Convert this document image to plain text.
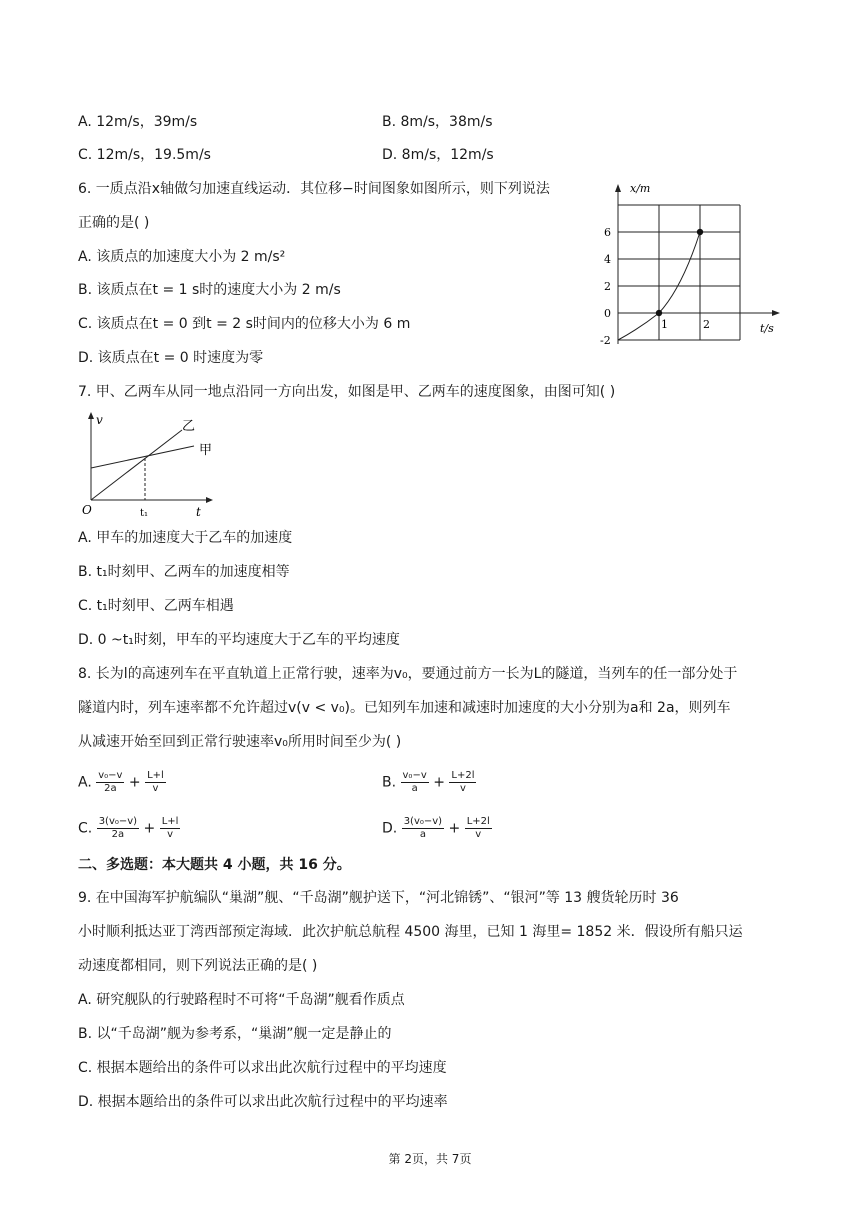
A. 12m/s，39m/s	B. 8m/s，38m/s
C. 12m/s，19.5m/s	D. 8m/s，12m/s
6. 一质点沿x轴做匀加速直线运动．其位移−时间图象如图所示，则下列说法
正确的是( )
A. 该质点的加速度大小为 2 m/s²
B. 该质点在t = 1 s时的速度大小为 2 m/s
C. 该质点在t = 0 到t = 2 s时间内的位移大小为 6 m
D. 该质点在t = 0 时速度为零
x/m
t/s
6
4
2
0
-2
1	2
7. 甲、乙两车从同一地点沿同一方向出发，如图是甲、乙两车的速度图象，由图可知( )
v
O	t₁	t
乙
甲
A. 甲车的加速度大于乙车的加速度
B. t₁时刻甲、乙两车的加速度相等
C. t₁时刻甲、乙两车相遇
D. 0 ~t₁时刻，甲车的平均速度大于乙车的平均速度
8. 长为l的高速列车在平直轨道上正常行驶，速率为v₀，要通过前方一长为L的隧道，当列车的任一部分处于
隧道内时，列车速率都不允许超过v(v < v₀)。已知列车加速和减速时加速度的大小分别为a和 2a，则列车
从减速开始至回到正常行驶速率v₀所用时间至少为( )
A. $\frac{\text{v₀−v}}{2a} + \frac{L+l}{v}$	B. $\frac{\text{v₀−v}}{a} + \frac{L+2l}{v}$
C. $\frac{\text{3(v₀−v)}}{2a} + \frac{L+l}{v}$	D. $\frac{\text{3(v₀−v)}}{a} + \frac{L+2l}{v}$
二、多选题：本大题共 4 小题，共 16 分。
9. 在中国海军护航编队“巢湖”舰、“千岛湖”舰护送下，“河北锦锈”、“银河”等 13 艘货轮历时 36
小时顺利抵达亚丁湾西部预定海域．此次护航总航程 4500 海里，已知 1 海里= 1852 米．假设所有船只运
动速度都相同，则下列说法正确的是( )
A. 研究舰队的行驶路程时不可将“千岛湖”舰看作质点
B. 以“千岛湖”舰为参考系，“巢湖”舰一定是静止的
C. 根据本题给出的条件可以求出此次航行过程中的平均速度
D. 根据本题给出的条件可以求出此次航行过程中的平均速率
第 2页，共 7页
